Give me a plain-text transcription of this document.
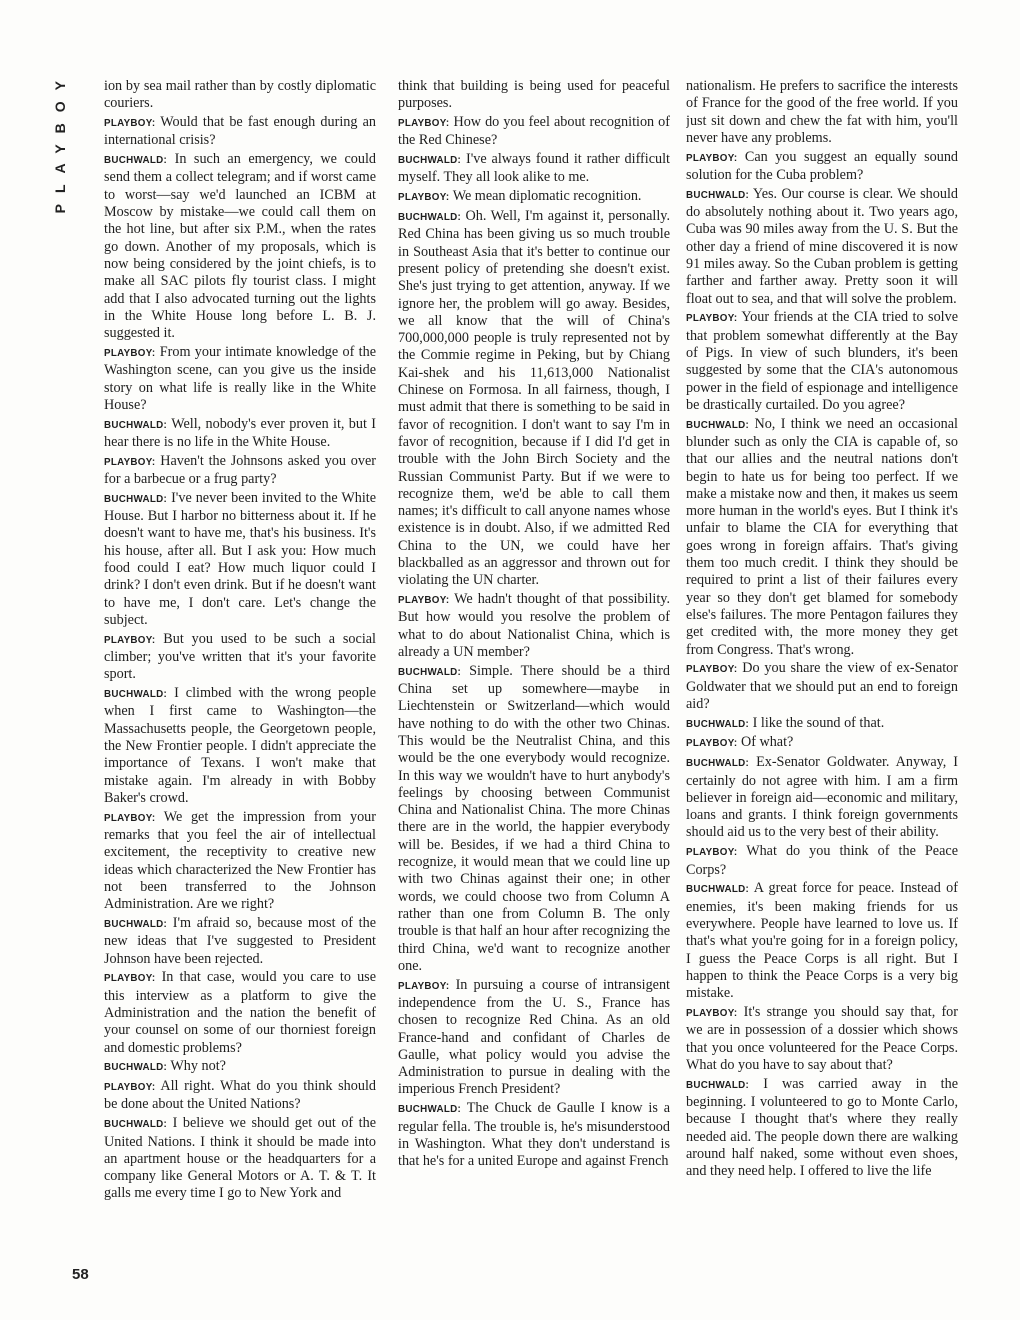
PLAYBOY
58

ion by sea mail rather than by costly diplomatic couriers.

PLAYBOY: Would that be fast enough during an international crisis?

BUCHWALD: In such an emergency, we could send them a collect telegram; and if worst came to worst—say we'd launched an ICBM at Moscow by mistake—we could call them on the hot line, but after six P.M., when the rates go down. Another of my proposals, which is now being considered by the joint chiefs, is to make all SAC pilots fly tourist class. I might add that I also advocated turning out the lights in the White House long before L. B. J. suggested it.

PLAYBOY: From your intimate knowledge of the Washington scene, can you give us the inside story on what life is really like in the White House?

BUCHWALD: Well, nobody's ever proven it, but I hear there is no life in the White House.

PLAYBOY: Haven't the Johnsons asked you over for a barbecue or a frug party?

BUCHWALD: I've never been invited to the White House. But I harbor no bitterness about it. If he doesn't want to have me, that's his business. It's his house, after all. But I ask you: How much food could I eat? How much liquor could I drink? I don't even drink. But if he doesn't want to have me, I don't care. Let's change the subject.

PLAYBOY: But you used to be such a social climber; you've written that it's your favorite sport.

BUCHWALD: I climbed with the wrong people when I first came to Washington—the Massachusetts people, the Georgetown people, the New Frontier people. I didn't appreciate the importance of Texans. I won't make that mistake again. I'm already in with Bobby Baker's crowd.

PLAYBOY: We get the impression from your remarks that you feel the air of intellectual excitement, the receptivity to creative new ideas which characterized the New Frontier has not been transferred to the Johnson Administration. Are we right?

BUCHWALD: I'm afraid so, because most of the new ideas that I've suggested to President Johnson have been rejected.

PLAYBOY: In that case, would you care to use this interview as a platform to give the Administration and the nation the benefit of your counsel on some of our thorniest foreign and domestic problems?

BUCHWALD: Why not?

PLAYBOY: All right. What do you think should be done about the United Nations?

BUCHWALD: I believe we should get out of the United Nations. I think it should be made into an apartment house or the headquarters for a company like General Motors or A. T. & T. It galls me every time I go to New York and

think that building is being used for peaceful purposes.

PLAYBOY: How do you feel about recognition of the Red Chinese?

BUCHWALD: I've always found it rather difficult myself. They all look alike to me.

PLAYBOY: We mean diplomatic recognition.

BUCHWALD: Oh. Well, I'm against it, personally. Red China has been giving us so much trouble in Southeast Asia that it's better to continue our present policy of pretending she doesn't exist. She's just trying to get attention, anyway. If we ignore her, the problem will go away. Besides, we all know that the will of China's 700,000,000 people is truly represented not by the Commie regime in Peking, but by Chiang Kai-shek and his 11,613,000 Nationalist Chinese on Formosa. In all fairness, though, I must admit that there is something to be said in favor of recognition. I don't want to say I'm in favor of recognition, because if I did I'd get in trouble with the John Birch Society and the Russian Communist Party. But if we were to recognize them, we'd be able to call them names; it's difficult to call anyone names whose existence is in doubt. Also, if we admitted Red China to the UN, we could have her blackballed as an aggressor and thrown out for violating the UN charter.

PLAYBOY: We hadn't thought of that possibility. But how would you resolve the problem of what to do about Nationalist China, which is already a UN member?

BUCHWALD: Simple. There should be a third China set up somewhere—maybe in Liechtenstein or Switzerland—which would have nothing to do with the other two Chinas. This would be the Neutralist China, and this would be the one everybody would recognize. In this way we wouldn't have to hurt anybody's feelings by choosing between Communist China and Nationalist China. The more Chinas there are in the world, the happier everybody will be. Besides, if we had a third China to recognize, it would mean that we could line up with two Chinas against their one; in other words, we could choose two from Column A rather than one from Column B. The only trouble is that half an hour after recognizing the third China, we'd want to recognize another one.

PLAYBOY: In pursuing a course of intransigent independence from the U. S., France has chosen to recognize Red China. As an old France-hand and confidant of Charles de Gaulle, what policy would you advise the Administration to pursue in dealing with the imperious French President?

BUCHWALD: The Chuck de Gaulle I know is a regular fella. The trouble is, he's misunderstood in Washington. What they don't understand is that he's for a united Europe and against French

nationalism. He prefers to sacrifice the interests of France for the good of the free world. If you just sit down and chew the fat with him, you'll never have any problems.

PLAYBOY: Can you suggest an equally sound solution for the Cuba problem?

BUCHWALD: Yes. Our course is clear. We should do absolutely nothing about it. Two years ago, Cuba was 90 miles away from the U. S. But the other day a friend of mine discovered it is now 91 miles away. So the Cuban problem is getting farther and farther away. Pretty soon it will float out to sea, and that will solve the problem.

PLAYBOY: Your friends at the CIA tried to solve that problem somewhat differently at the Bay of Pigs. In view of such blunders, it's been suggested by some that the CIA's autonomous power in the field of espionage and intelligence be drastically curtailed. Do you agree?

BUCHWALD: No, I think we need an occasional blunder such as only the CIA is capable of, so that our allies and the neutral nations don't begin to hate us for being too perfect. If we make a mistake now and then, it makes us seem more human in the world's eyes. But I think it's unfair to blame the CIA for everything that goes wrong in foreign affairs. That's giving them too much credit. I think they should be required to print a list of their failures every year so they don't get blamed for somebody else's failures. The more Pentagon failures they get credited with, the more money they get from Congress. That's wrong.

PLAYBOY: Do you share the view of ex-Senator Goldwater that we should put an end to foreign aid?

BUCHWALD: I like the sound of that.

PLAYBOY: Of what?

BUCHWALD: Ex-Senator Goldwater. Anyway, I certainly do not agree with him. I am a firm believer in foreign aid—economic and military, loans and grants. I think foreign governments should aid us to the very best of their ability.

PLAYBOY: What do you think of the Peace Corps?

BUCHWALD: A great force for peace. Instead of enemies, it's been making friends for us everywhere. People have learned to love us. If that's what you're going for in a foreign policy, I guess the Peace Corps is all right. But I happen to think the Peace Corps is a very big mistake.

PLAYBOY: It's strange you should say that, for we are in possession of a dossier which shows that you once volunteered for the Peace Corps. What do you have to say about that?

BUCHWALD: I was carried away in the beginning. I volunteered to go to Monte Carlo, because I thought that's where they really needed aid. The people down there are walking around half naked, some without even shoes, and they need help. I offered to live the life
